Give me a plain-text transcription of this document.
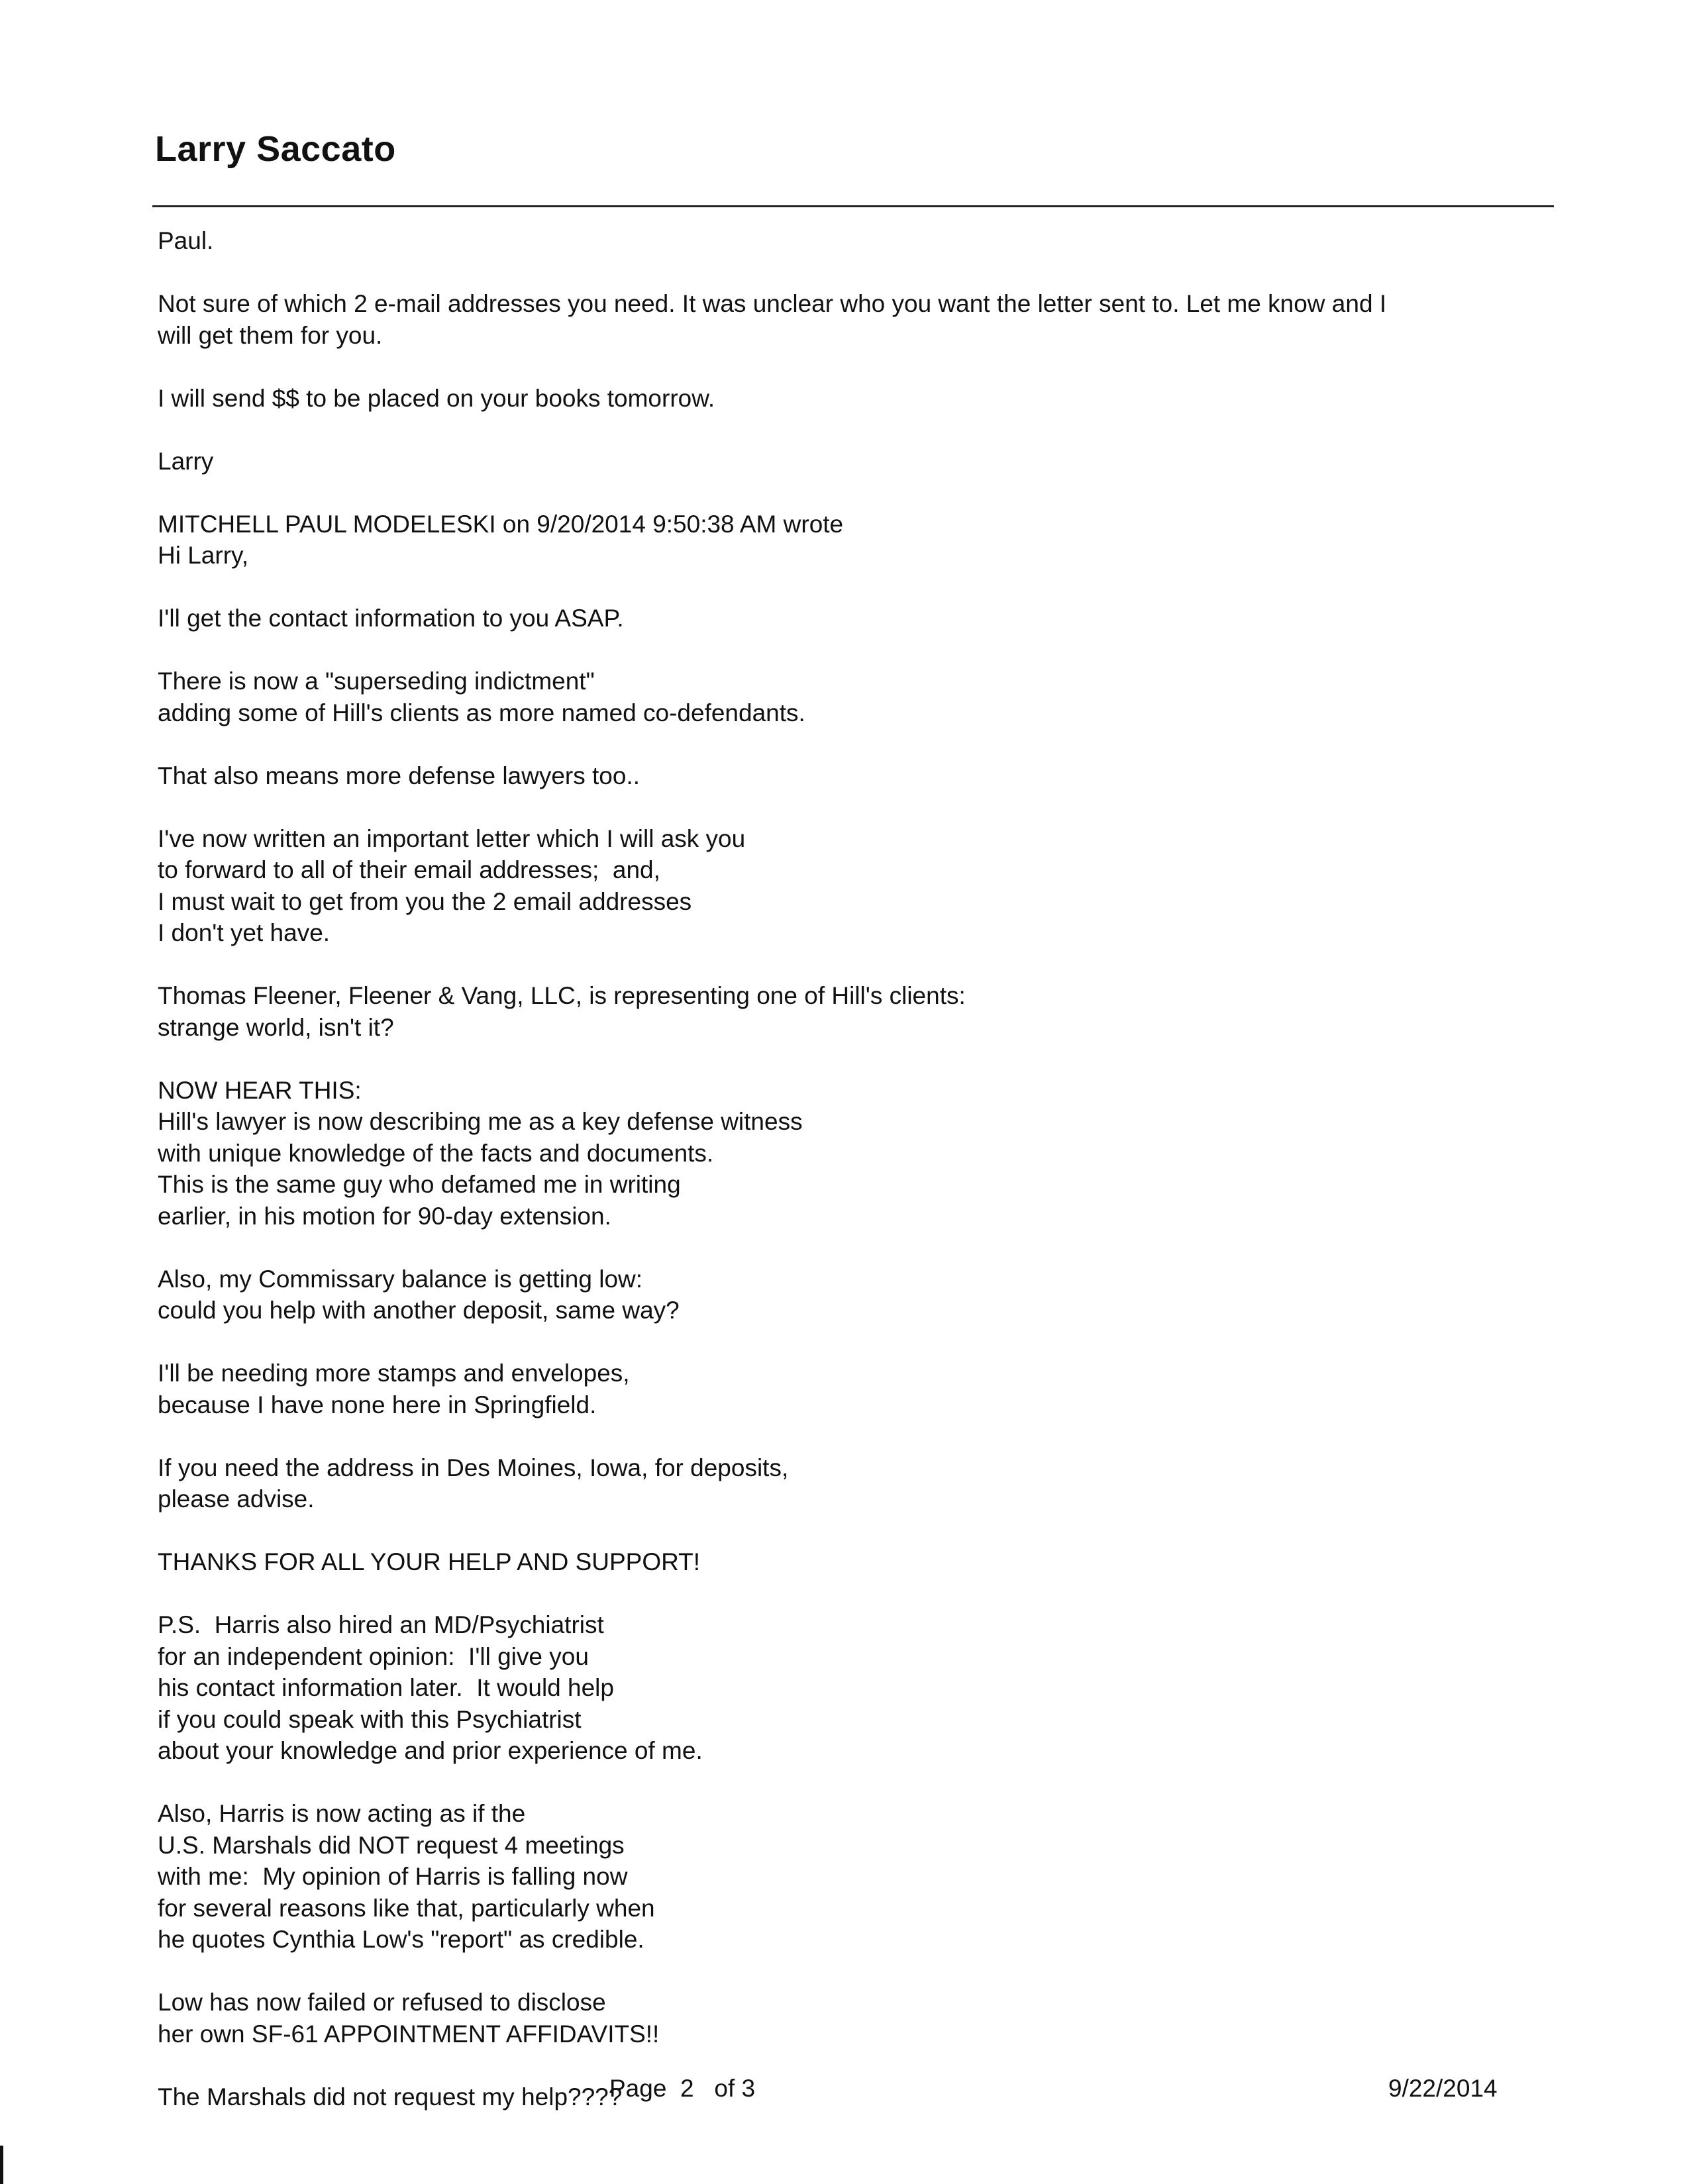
Larry Saccato
Paul.
Not sure of which 2 e-mail addresses you need. It was unclear who you want the letter sent to. Let me know and I
will get them for you.
I will send $$ to be placed on your books tomorrow.
Larry
MITCHELL PAUL MODELESKI on 9/20/2014 9:50:38 AM wrote
Hi Larry,
I'll get the contact information to you ASAP.
There is now a "superseding indictment"
adding some of Hill's clients as more named co-defendants.
That also means more defense lawyers too..
I've now written an important letter which I will ask you
to forward to all of their email addresses;  and,
I must wait to get from you the 2 email addresses
I don't yet have.
Thomas Fleener, Fleener & Vang, LLC, is representing one of Hill's clients:
strange world, isn't it?
NOW HEAR THIS:
Hill's lawyer is now describing me as a key defense witness
with unique knowledge of the facts and documents.
This is the same guy who defamed me in writing
earlier, in his motion for 90-day extension.
Also, my Commissary balance is getting low:
could you help with another deposit, same way?
I'll be needing more stamps and envelopes,
because I have none here in Springfield.
If you need the address in Des Moines, Iowa, for deposits,
please advise.
THANKS FOR ALL YOUR HELP AND SUPPORT!
P.S.  Harris also hired an MD/Psychiatrist
for an independent opinion:  I'll give you
his contact information later.  It would help
if you could speak with this Psychiatrist
about your knowledge and prior experience of me.
Also, Harris is now acting as if the
U.S. Marshals did NOT request 4 meetings
with me:  My opinion of Harris is falling now
for several reasons like that, particularly when
he quotes Cynthia Low's "report" as credible.
Low has now failed or refused to disclose
her own SF-61 APPOINTMENT AFFIDAVITS!!
The Marshals did not request my help????
Page 2 of 3	9/22/2014
